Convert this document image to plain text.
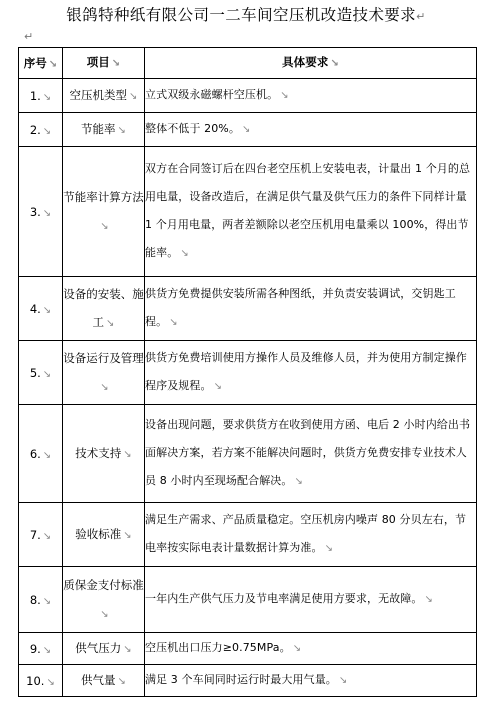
银鸽特种纸有限公司一二车间空压机改造技术要求↵
↵
序号 ↘	项目 ↘	具体要求 ↘
1. ↘	空压机类型 ↘	立式双级永磁螺杆空压机。 ↘
2. ↘	节能率 ↘	整体不低于 20%。 ↘
3. ↘	节能率计算方法↘	双方在合同签订后在四台老空压机上安装电表，计量出 1 个月的总用电量，设备改造后，在满足供气量及供气压力的条件下同样计量 1 个月用电量，两者差额除以老空压机用电量乘以 100%，得出节能率。 ↘
4. ↘	设备的安装、施工 ↘	供货方免费提供安装所需各种图纸，并负责安装调试，交钥匙工程。 ↘
5. ↘	设备运行及管理↘	供货方免费培训使用方操作人员及维修人员，并为使用方制定操作程序及规程。 ↘
6. ↘	技术支持 ↘	设备出现问题，要求供货方在收到使用方函、电后 2 小时内给出书面解决方案，若方案不能解决问题时，供货方免费安排专业技术人员 8 小时内至现场配合解决。 ↘
7. ↘	验收标准 ↘	满足生产需求、产品质量稳定。空压机房内噪声 80 分贝左右，节电率按实际电表计量数据计算为准。 ↘
8. ↘	质保金支付标准↘	一年内生产供气压力及节电率满足使用方要求，无故障。 ↘
9. ↘	供气压力 ↘	空压机出口压力≥0.75MPa。 ↘
10. ↘	供气量 ↘	满足 3 个车间同时运行时最大用气量。 ↘
